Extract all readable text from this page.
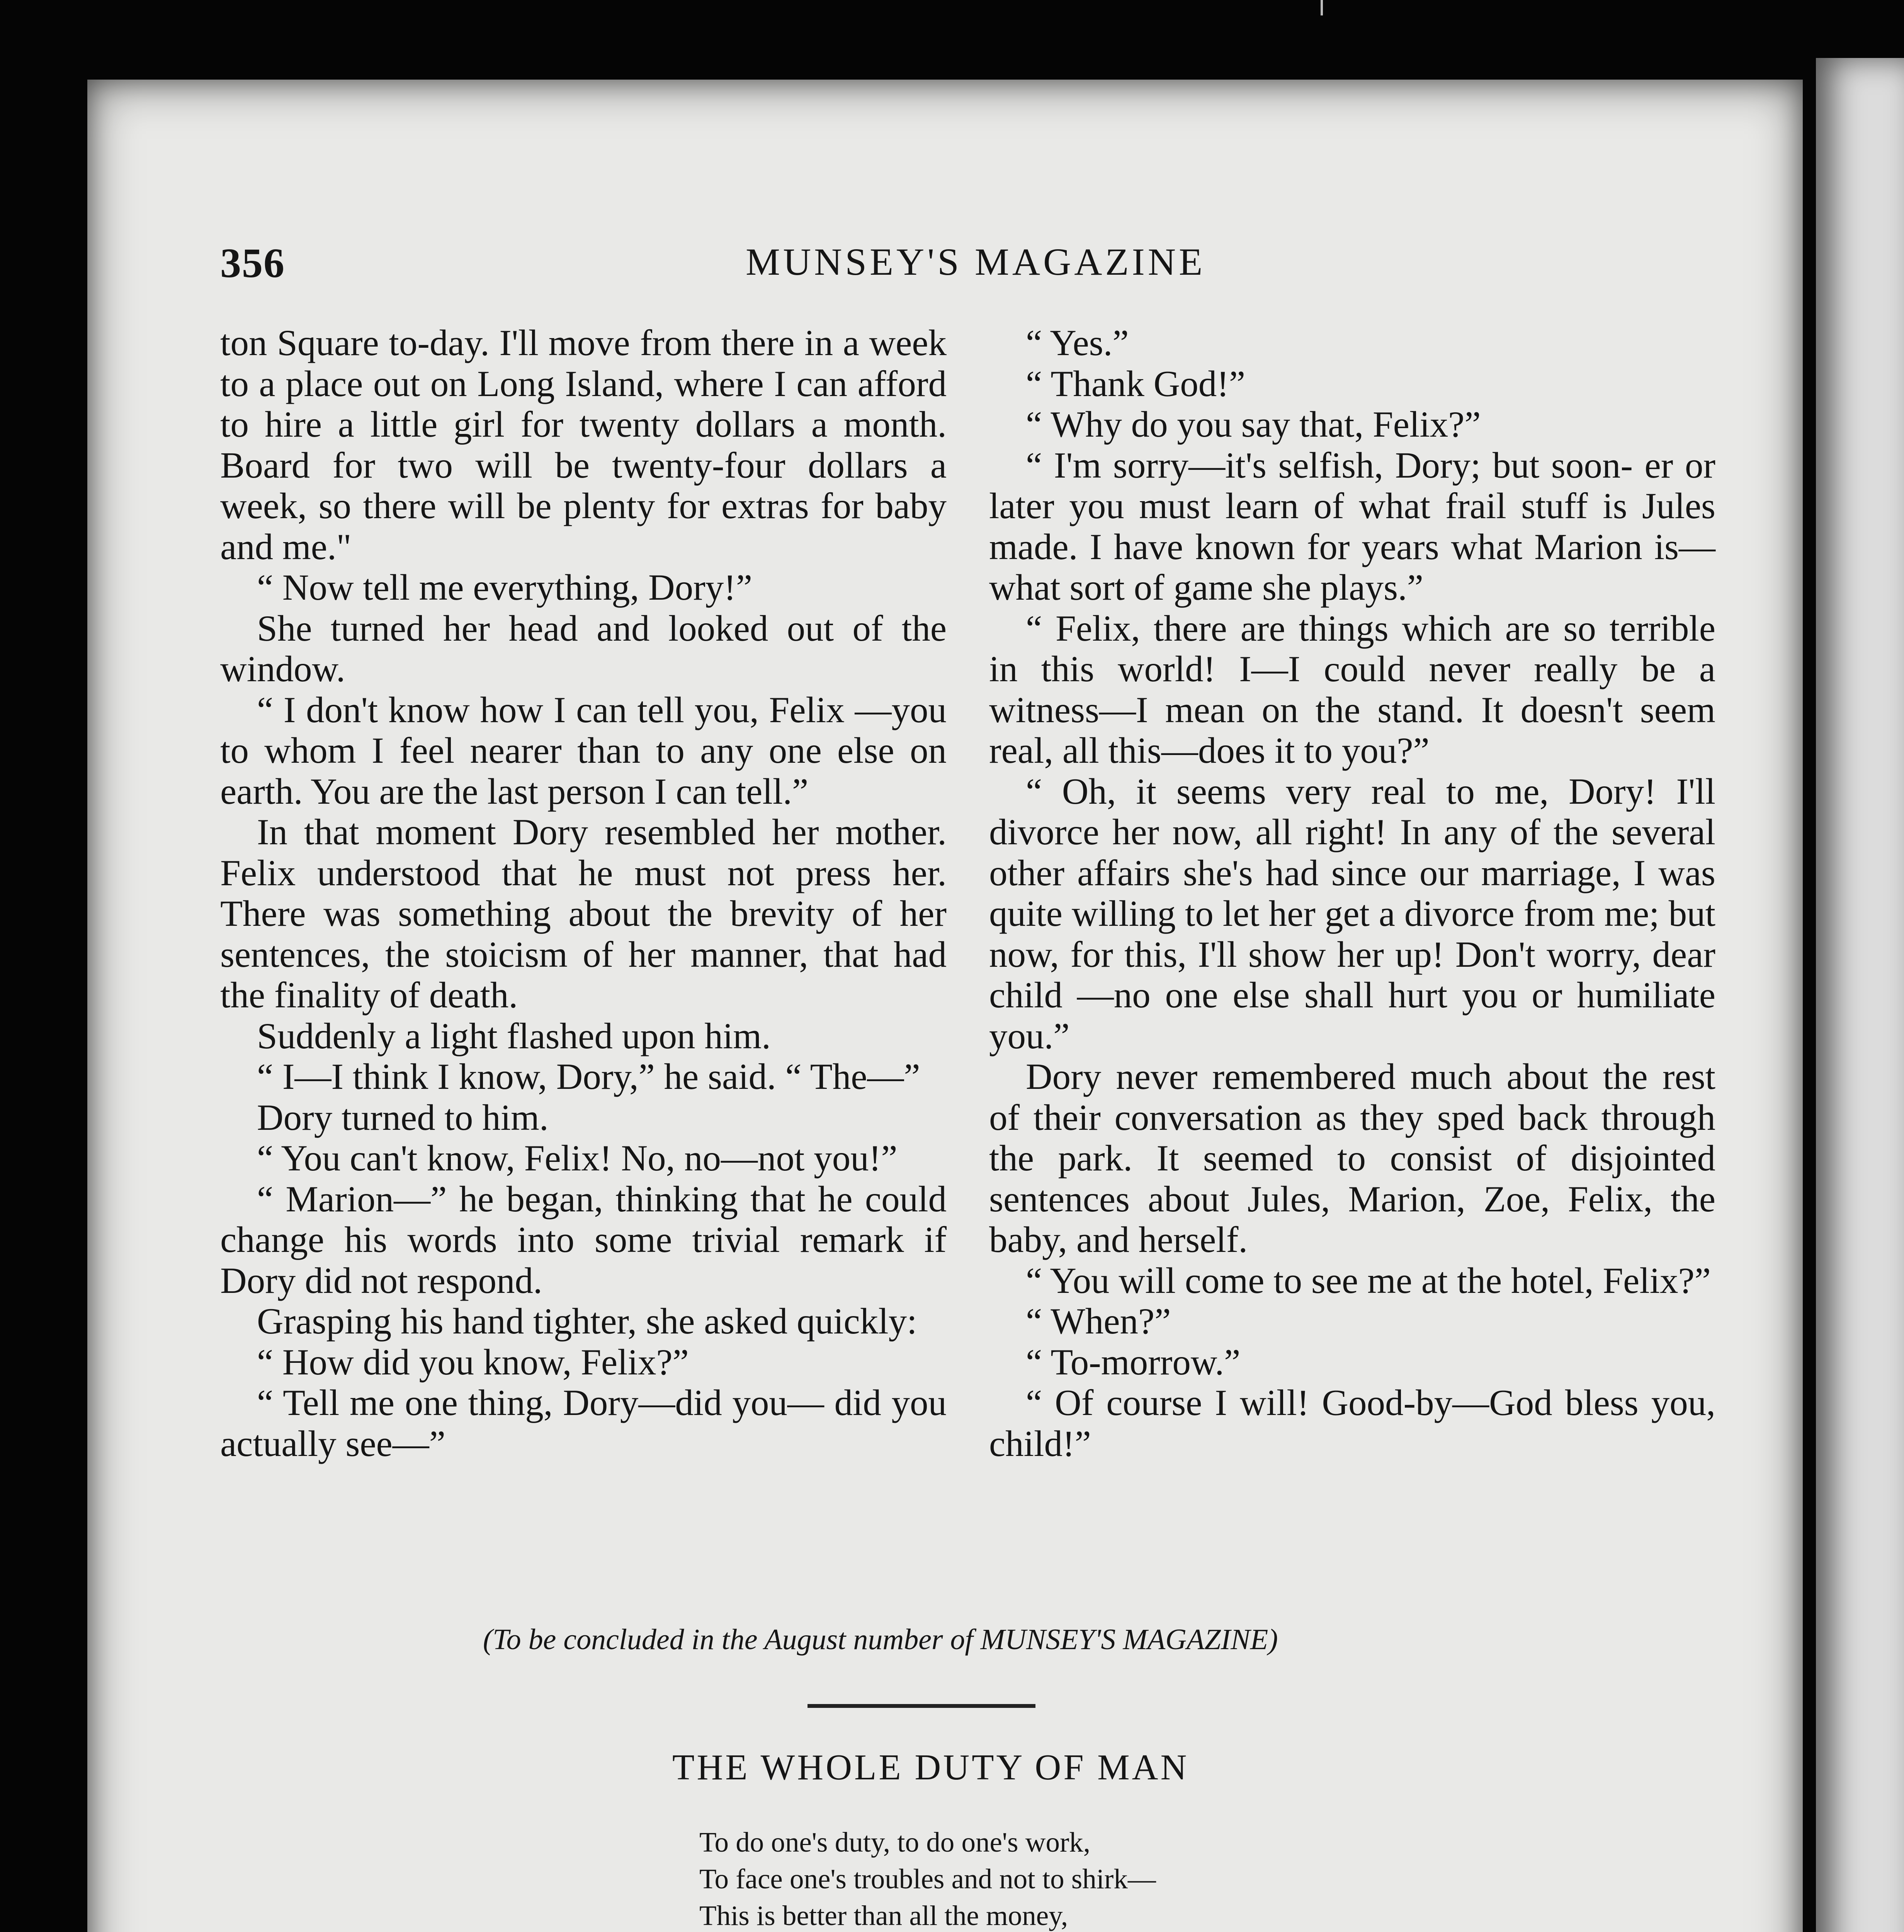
356	MUNSEY'S MAGAZINE

ton Square to-day. I'll move from there in a week to a place out on Long Island, where I can afford to hire a little girl for twenty dollars a month. Board for two will be twenty-four dollars a week, so there will be plenty for extras for baby and me."

“ Now tell me everything, Dory!”

She turned her head and looked out of the window.

“ I don't know how I can tell you, Felix —you to whom I feel nearer than to any one else on earth. You are the last person I can tell.”

In that moment Dory resembled her mother. Felix understood that he must not press her. There was something about the brevity of her sentences, the stoicism of her manner, that had the finality of death.

Suddenly a light flashed upon him.

“ I—I think I know, Dory,” he said. “ The—”

Dory turned to him.

“ You can't know, Felix! No, no—not you!”

“ Marion—” he began, thinking that he could change his words into some trivial remark if Dory did not respond.

Grasping his hand tighter, she asked quickly:

“ How did you know, Felix?”

“ Tell me one thing, Dory—did you— did you actually see—”

“ Yes.”

“ Thank God!”

“ Why do you say that, Felix?”

“ I'm sorry—it's selfish, Dory; but soon- er or later you must learn of what frail stuff is Jules made. I have known for years what Marion is—what sort of game she plays.”

“ Felix, there are things which are so terrible in this world! I—I could never really be a witness—I mean on the stand. It doesn't seem real, all this—does it to you?”

“ Oh, it seems very real to me, Dory! I'll divorce her now, all right! In any of the several other affairs she's had since our marriage, I was quite willing to let her get a divorce from me; but now, for this, I'll show her up! Don't worry, dear child —no one else shall hurt you or humiliate you.”

Dory never remembered much about the rest of their conversation as they sped back through the park. It seemed to consist of disjointed sentences about Jules, Marion, Zoe, Felix, the baby, and herself.

“ You will come to see me at the hotel, Felix?”

“ When?”

“ To-morrow.”

“ Of course I will! Good-by—God bless you, child!”

(To be concluded in the August number of MUNSEY'S MAGAZINE)
THE WHOLE DUTY OF MAN
To do one's duty, to do one's work,
To face one's troubles and not to shirk—
This is better than all the money,
